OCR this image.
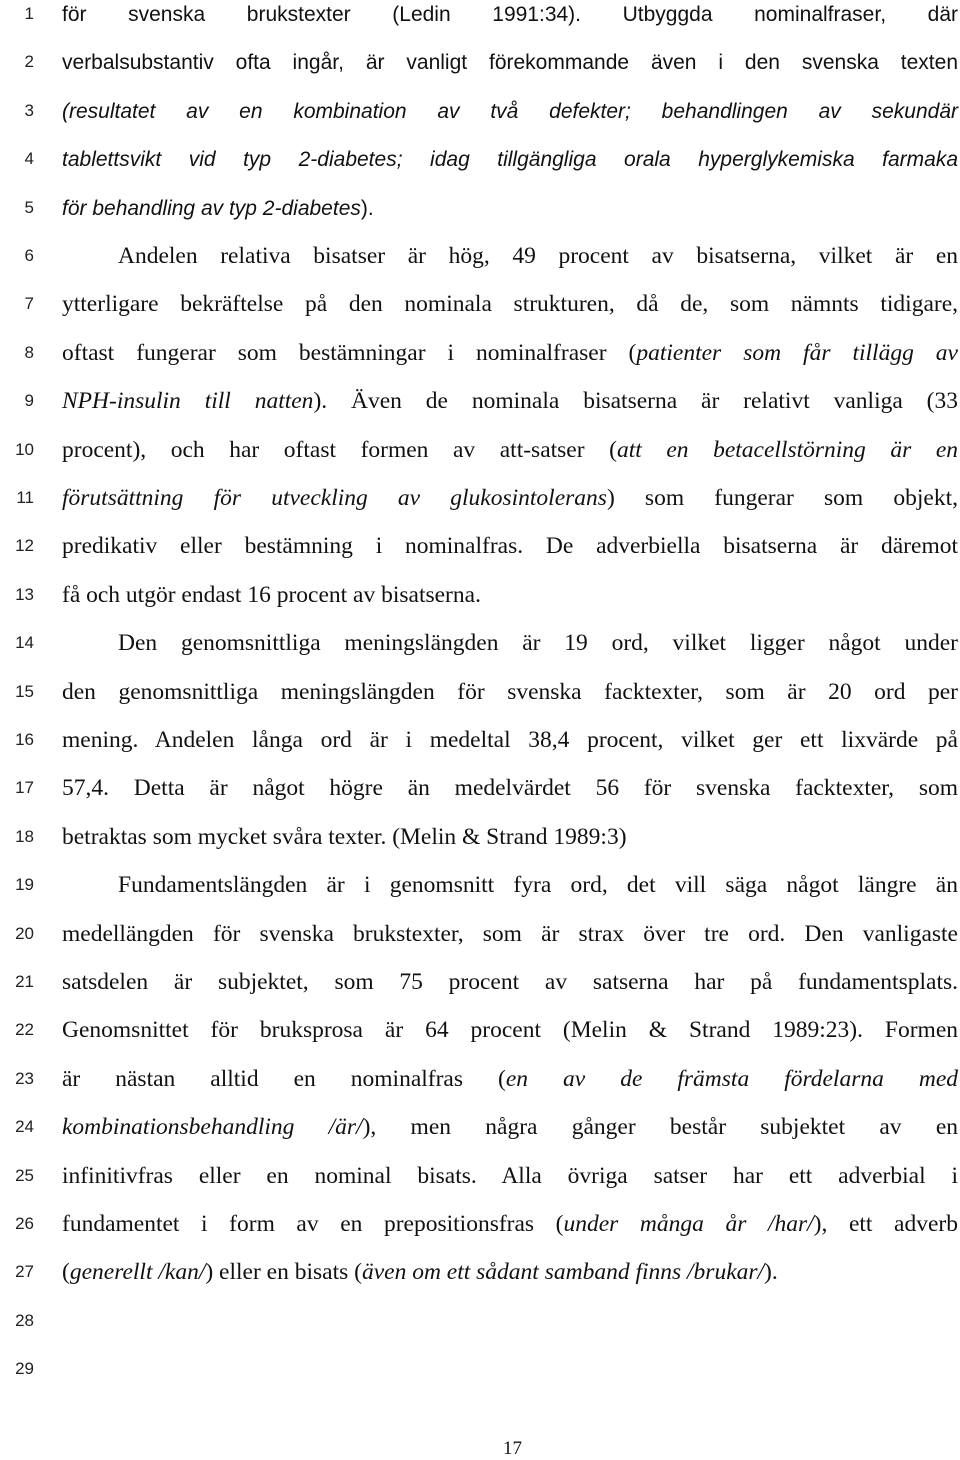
1
2
3
4
5
6
7
8
9
10
11
12
13
14
15
16
17
18
19
20
21
22
23
24
25
26
27
28
29
för svenska brukstexter (Ledin 1991:34). Utbyggda nominalfraser, där
verbalsubstantiv ofta ingår, är vanligt förekommande även i den svenska texten
(resultatet av en kombination av två defekter; behandlingen av sekundär
tablettsvikt vid typ 2-diabetes; idag tillgängliga orala hyperglykemiska farmaka
för behandling av typ 2-diabetes).
Andelen relativa bisatser är hög, 49 procent av bisatserna, vilket är en
ytterligare bekräftelse på den nominala strukturen, då de, som nämnts tidigare,
oftast fungerar som bestämningar i nominalfraser (patienter som får tillägg av
NPH-insulin till natten). Även de nominala bisatserna är relativt vanliga (33
procent), och har oftast formen av att-satser (att en betacellstörning är en
förutsättning för utveckling av glukosintolerans) som fungerar som objekt,
predikativ eller bestämning i nominalfras. De adverbiella bisatserna är däremot
få och utgör endast 16 procent av bisatserna.
Den genomsnittliga meningslängden är 19 ord, vilket ligger något under
den genomsnittliga meningslängden för svenska facktexter, som är 20 ord per
mening. Andelen långa ord är i medeltal 38,4 procent, vilket ger ett lixvärde på
57,4. Detta är något högre än medelvärdet 56 för svenska facktexter, som
betraktas som mycket svåra texter. (Melin & Strand 1989:3)
Fundamentslängden är i genomsnitt fyra ord, det vill säga något längre än
medellängden för svenska brukstexter, som är strax över tre ord. Den vanligaste
satsdelen är subjektet, som 75 procent av satserna har på fundamentsplats.
Genomsnittet för bruksprosa är 64 procent (Melin & Strand 1989:23). Formen
är nästan alltid en nominalfras (en av de främsta fördelarna med
kombinationsbehandling /är/), men några gånger består subjektet av en
infinitivfras eller en nominal bisats. Alla övriga satser har ett adverbial i
fundamentet i form av en prepositionsfras (under många år /har/), ett adverb
(generellt /kan/) eller en bisats (även om ett sådant samband finns /brukar/).
17
